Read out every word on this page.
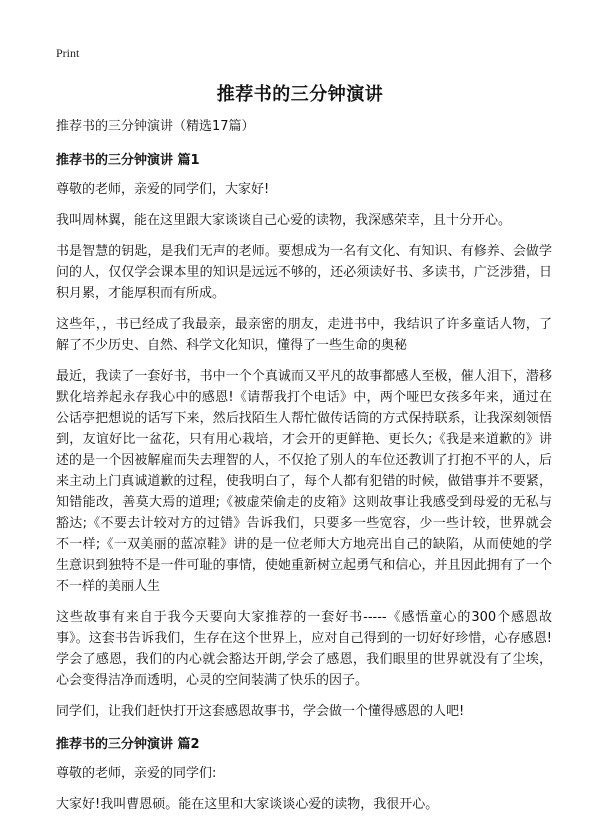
Print
推荐书的三分钟演讲
推荐书的三分钟演讲（精选17篇）
推荐书的三分钟演讲 篇1

尊敬的老师，亲爱的同学们，大家好!

我叫周林翼，能在这里跟大家谈谈自己心爱的读物，我深感荣幸，且十分开心。

书是智慧的钥匙，是我们无声的老师。要想成为一名有文化、有知识、有修养、会做学问的人，仅仅学会课本里的知识是远远不够的，还必须读好书、多读书，广泛涉猎，日积月累，才能厚积而有所成。

这些年，，书已经成了我最亲，最亲密的朋友，走进书中，我结识了许多童话人物，了解了不少历史、自然、科学文化知识，懂得了一些生命的奥秘

最近，我读了一套好书，书中一个个真诚而又平凡的故事都感人至极，催人泪下，潜移默化培养起永存我心中的感恩!《请帮我打个电话》中，两个哑巴女孩多年来，通过在公话亭把想说的话写下来，然后找陌生人帮忙做传话筒的方式保持联系，让我深刻领悟到，友谊好比一盆花，只有用心栽培，才会开的更鲜艳、更长久;《我是来道歉的》讲述的是一个因被解雇而失去理智的人，不仅抢了别人的车位还教训了打抱不平的人，后来主动上门真诚道歉的过程，使我明白了，每个人都有犯错的时候，做错事并不要紧，知错能改，善莫大焉的道理;《被虚荣偷走的皮箱》这则故事让我感受到母爱的无私与豁达;《不要去计较对方的过错》告诉我们，只要多一些宽容，少一些计较，世界就会不一样;《一双美丽的蓝凉鞋》讲的是一位老师大方地亮出自己的缺陷，从而使她的学生意识到独特不是一件可耻的事情，使她重新树立起勇气和信心，并且因此拥有了一个不一样的美丽人生

这些故事有来自于我今天要向大家推荐的一套好书-----《感悟童心的300个感恩故事》。这套书告诉我们，生存在这个世界上，应对自己得到的一切好好珍惜，心存感恩!学会了感恩，我们的内心就会豁达开朗,学会了感恩，我们眼里的世界就没有了尘埃，心会变得洁净而透明，心灵的空间装满了快乐的因子。

同学们，让我们赶快打开这套感恩故事书，学会做一个懂得感恩的人吧!

推荐书的三分钟演讲 篇2

尊敬的老师，亲爱的同学们:

大家好!我叫曹恩硕。能在这里和大家谈谈心爱的读物，我很开心。
